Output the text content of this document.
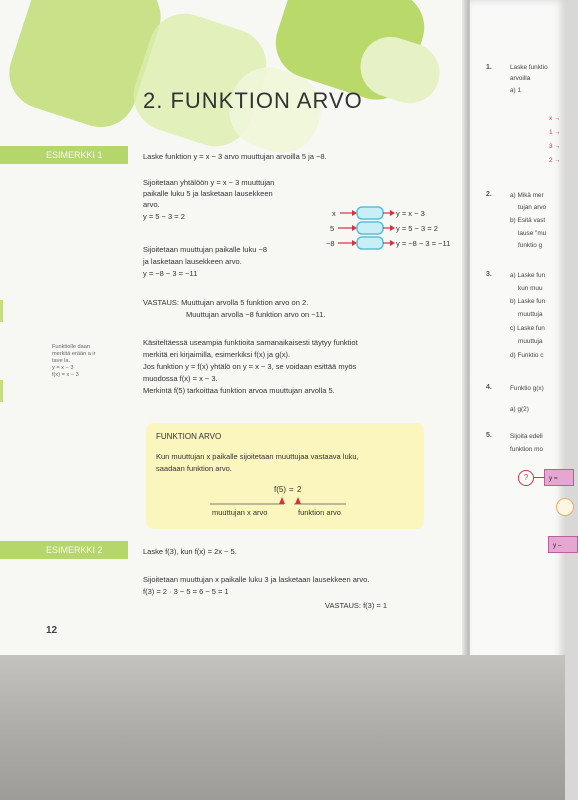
2. FUNKTION ARVO
ESIMERKKI 1	Laske funktion y = x − 3 arvo muuttujan arvoilla 5 ja −8.
Sijoitetaan yhtälöön y = x − 3 muuttujan
paikalle luku 5 ja lasketaan lausekkeen
arvo.
y = 5 − 3 = 2
Sijoitetaan muuttujan paikalle luku −8
ja lasketaan lausekkeen arvo.
y = −8 − 3 = −11
VASTAUS: Muuttujan arvolla 5 funktion arvo on 2.
Muuttujan arvolla −8 funktion arvo on −11.
x	y = x − 3
5	y = 5 − 3 = 2
−8	y = −8 − 3 = −11
Funktiolle daan
merkitä erään a ir
tave la.
y = x − 3
f(x) = x − 3
Käsiteltäessä useampia funktioita samanaikaisesti täytyy funktiot
merkitä eri kirjaimilla, esimerkiksi f(x) ja g(x).
Jos funktion y = f(x) yhtälö on y = x − 3, se voidaan esittää myös
muodossa f(x) = x − 3.
Merkintä f(5) tarkoittaa funktion arvoa muuttujan arvolla 5.
FUNKTION ARVO
Kun muuttujan x paikalle sijoitetaan muuttujaa vastaava luku,
saadaan funktion arvo.
f(5) = 2
muuttujan x arvo	funktion arvo
ESIMERKKI 2	Laske f(3), kun f(x) = 2x − 5.
Sijoitetaan muuttujan x paikalle luku 3 ja lasketaan lausekkeen arvo.
f(3) = 2 · 3 − 5 = 6 − 5 = 1
VASTAUS: f(3) = 1
12
1.	Laske funktio
arvoilla
a) 1
x →
1 →
3 →
2 →
2.	a) Mikä mer
tujan arvo
b) Esitä vast
lause "mu
funktio g
3.	a) Laske fun
kun muu
b) Laske fun
muuttuja
c) Laske fun
muuttuja
d) Funktio c
4.	Funktio g(x)
a) g(2)
5.	Sijoita edell
funktion mo
?	y =
y –
